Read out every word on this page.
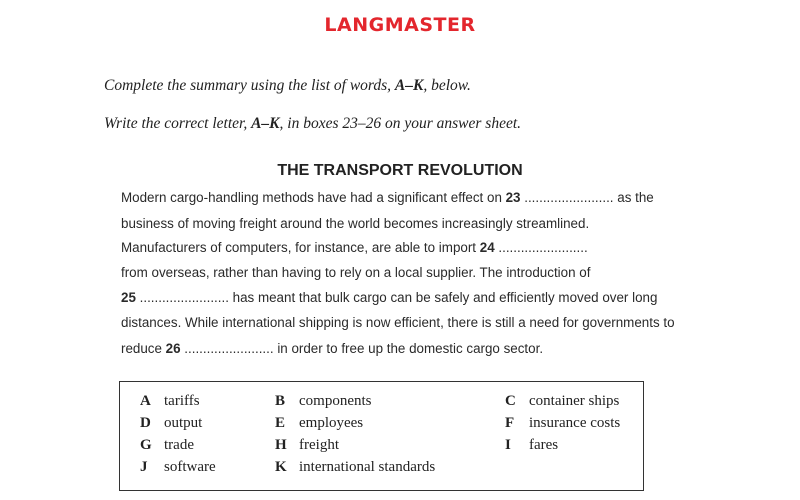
LANGMASTER
Complete the summary using the list of words, A–K, below.
Write the correct letter, A–K, in boxes 23–26 on your answer sheet.
THE TRANSPORT REVOLUTION
Modern cargo-handling methods have had a significant effect on 23 ........................ as the
business of moving freight around the world becomes increasingly streamlined.
Manufacturers of computers, for instance, are able to import 24 ........................
from overseas, rather than having to rely on a local supplier. The introduction of
25 ........................ has meant that bulk cargo can be safely and efficiently moved over long
distances. While international shipping is now efficient, there is still a need for governments to
reduce 26 ........................ in order to free up the domestic cargo sector.
A tariffs	B components	C container ships
D output	E employees	F insurance costs
G trade	H freight	I fares
J software	K international standards
